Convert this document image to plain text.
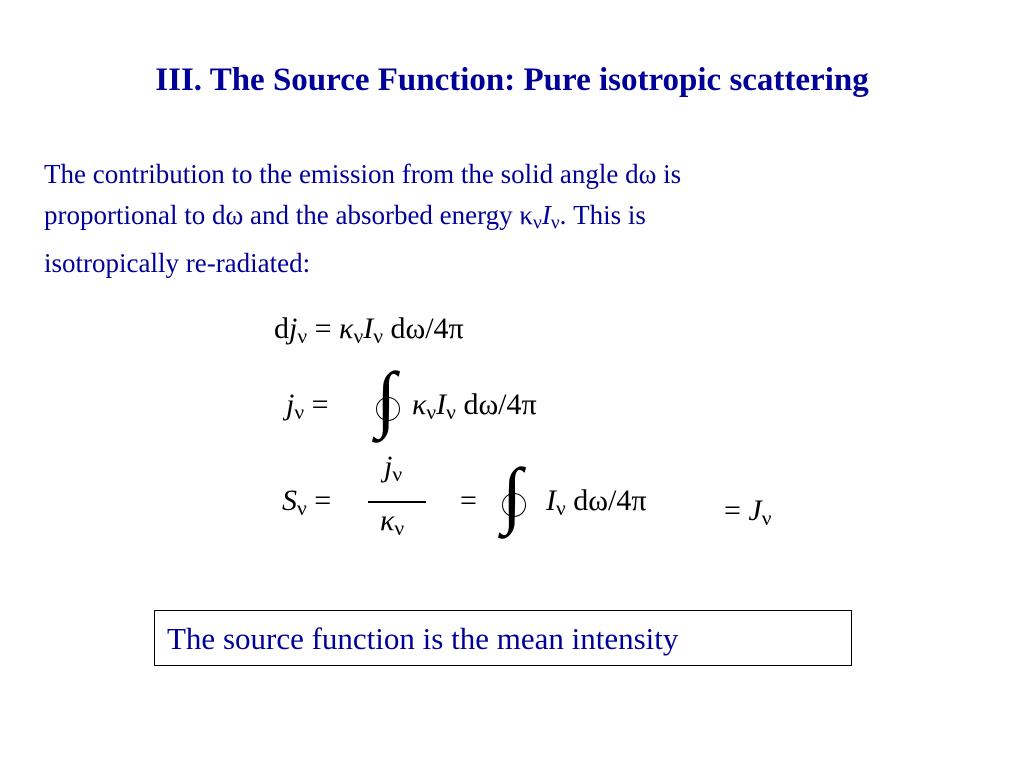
III. The Source Function: Pure isotropic scattering
The contribution to the emission from the solid angle dω is
proportional to dω and the absorbed energy $\kappa_\nu I_\nu$. This is
isotropically re-radiated:
$dj_\nu = \kappa_\nu I_\nu$ dω/4π
$j_\nu$ = ∫ $\kappa_\nu I_\nu$ dω/4π
$S_\nu$ =
$j_\nu$
$\kappa_\nu$
= ∫ $I_\nu$ dω/4π	= $J_\nu$
The source function is the mean intensity
